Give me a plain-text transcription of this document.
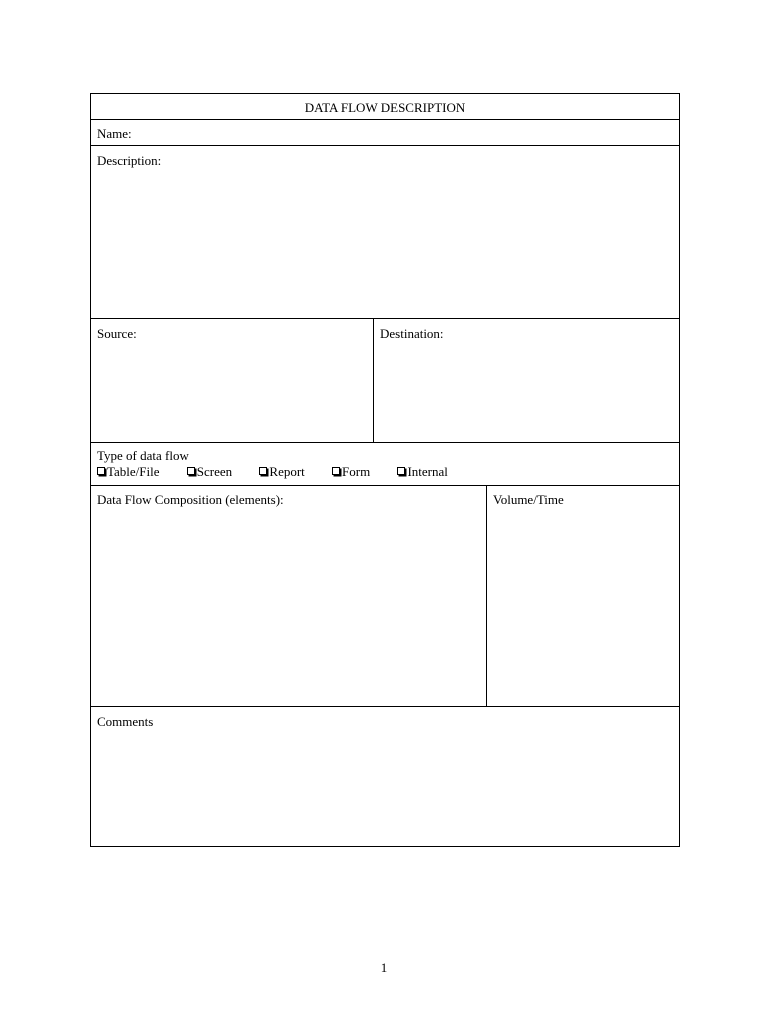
DATA FLOW DESCRIPTION
Name:
Description:
Source:	Destination:
Type of data flow
Table/File	Screen	Report	Form	Internal
Data Flow Composition (elements):	Volume/Time
Comments
1
